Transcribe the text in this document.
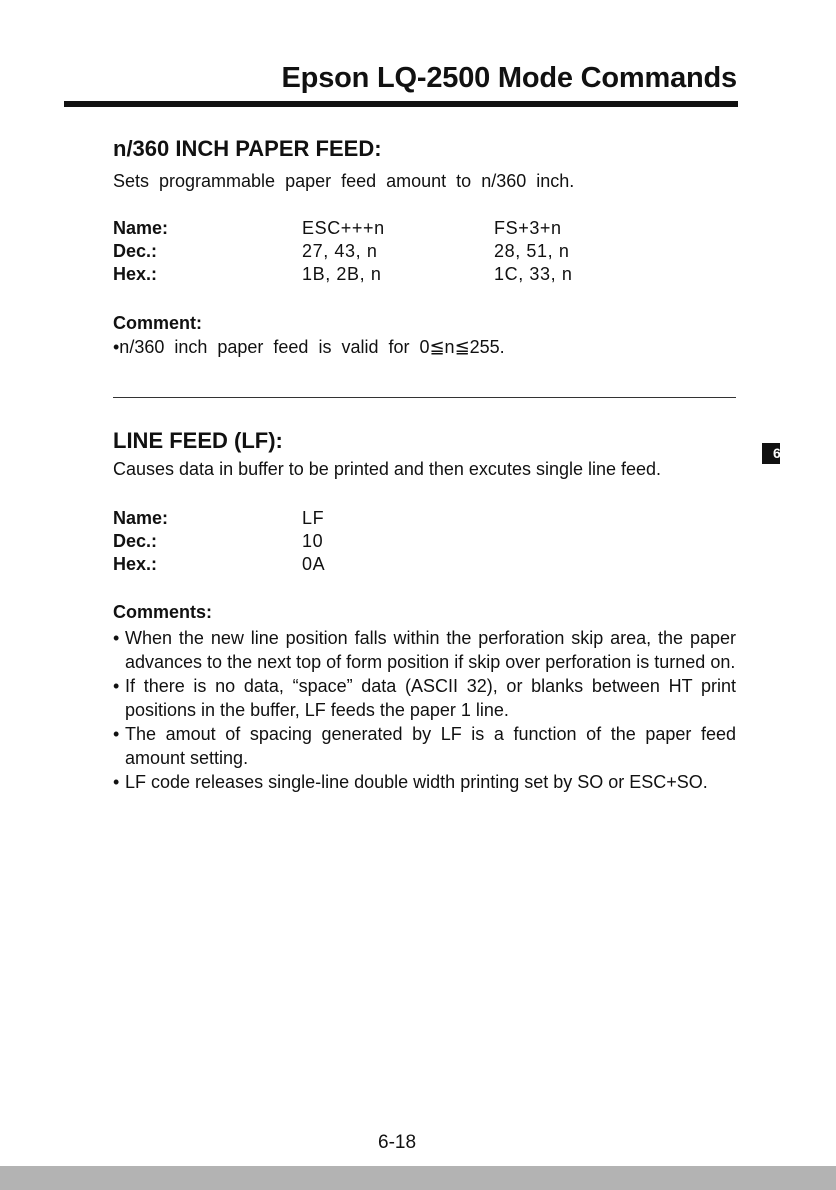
Epson LQ-2500 Mode Commands
n/360 INCH PAPER FEED:
Sets programmable paper feed amount to n/360 inch.
Name:	ESC+++n	FS+3+n
Dec.:	27, 43, n	28, 51, n
Hex.:	1B, 2B, n	1C, 33, n
Comment:
•n/360 inch paper feed is valid for 0≦n≦255.
LINE FEED (LF):
Causes data in buffer to be printed and then excutes single line feed.
Name:	LF
Dec.:	10
Hex.:	0A
Comments:
• When the new line position falls within the perforation skip area, the paper advances to the next top of form position if skip over perforation is turned on.
• If there is no data, “space” data (ASCII 32), or blanks between HT print positions in the buffer, LF feeds the paper 1 line.
• The amout of spacing generated by LF is a function of the paper feed amount setting.
• LF code releases single-line double width printing set by SO or ESC+SO.
6
6-18
